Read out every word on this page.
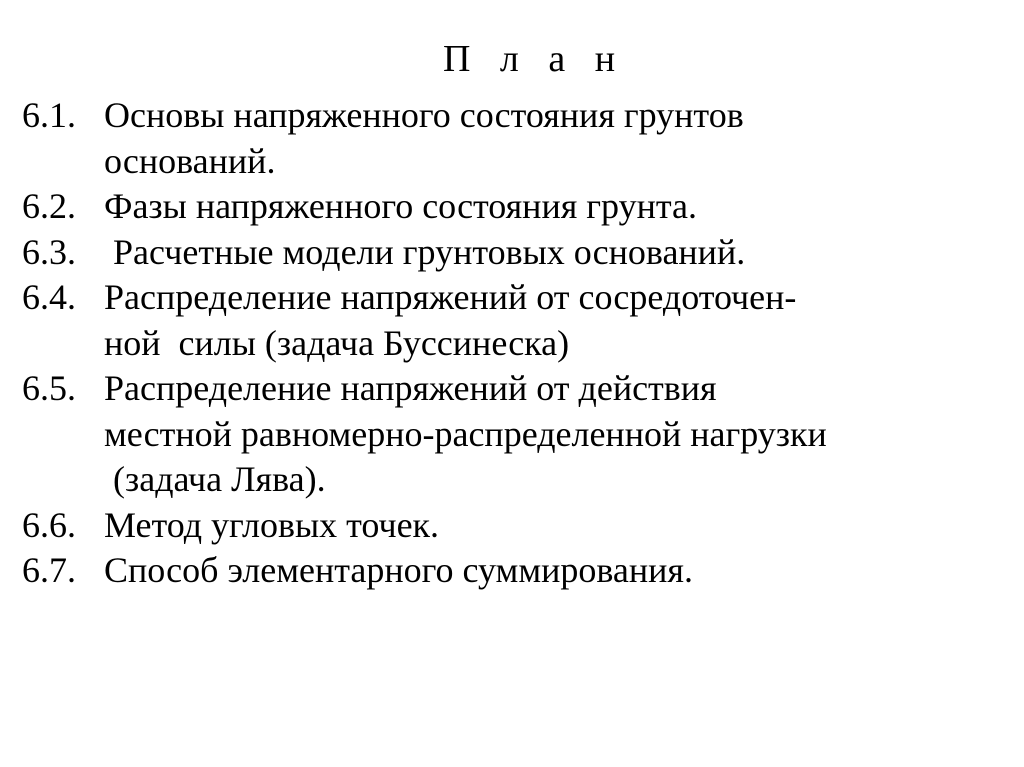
П л а н
6.1. Основы напряженного состояния грунтов
оснований.
6.2. Фазы напряженного состояния грунта.
6.3. Расчетные модели грунтовых оснований.
6.4. Распределение напряжений от сосредоточен-
ной  силы (задача Буссинеска)
6.5. Распределение напряжений от действия
местной равномерно-распределенной нагрузки
(задача Лява).
6.6. Метод угловых точек.
6.7. Способ элементарного суммирования.
